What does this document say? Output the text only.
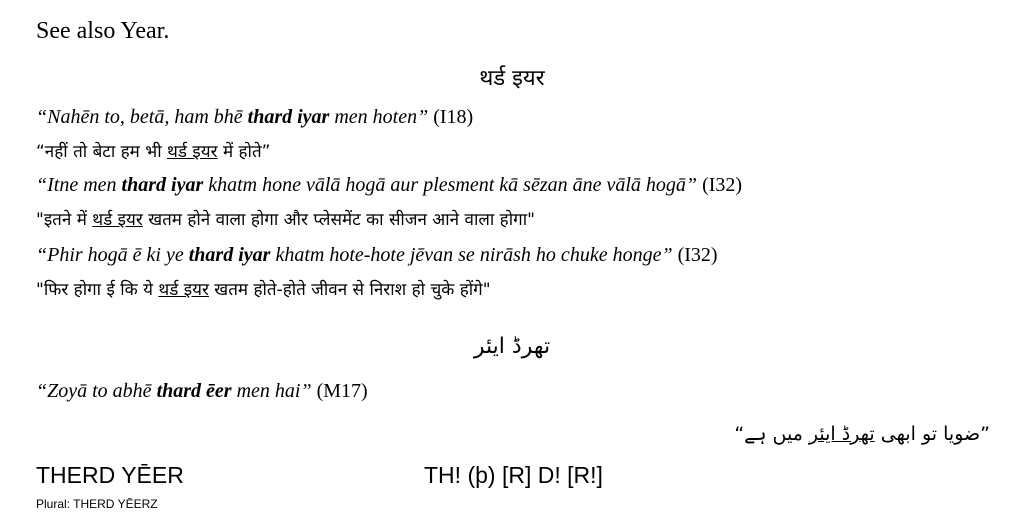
See also Year.
थर्ड इयर
“Nahēn to, betā, ham bhē thard iyar men hoten” (I18)
“नहीं तो बेटा हम भी थर्ड इयर में होते”
“Itne men thard iyar khatm hone vālā hogā aur plesment kā sēzan āne vālā hogā” (I32)
"इतने में थर्ड इयर खतम होने वाला होगा और प्लेसमेंट का सीजन आने वाला होगा"
“Phir hogā ē ki ye thard iyar khatm hote-hote jēvan se nirāsh ho chuke honge” (I32)
"फिर होगा ई कि ये थर्ड इयर खतम होते-होते जीवन से निराश हो चुके होंगे"
تھرڈ ایئر
“Zoyā to abhē thard ēer men hai” (M17)
”ضویا تو ابھی تھرڈ ایئر میں ہے“
THERD YĒER
Plural: THERD YĒERZ
TH! (þ) [R] D! [R!]
